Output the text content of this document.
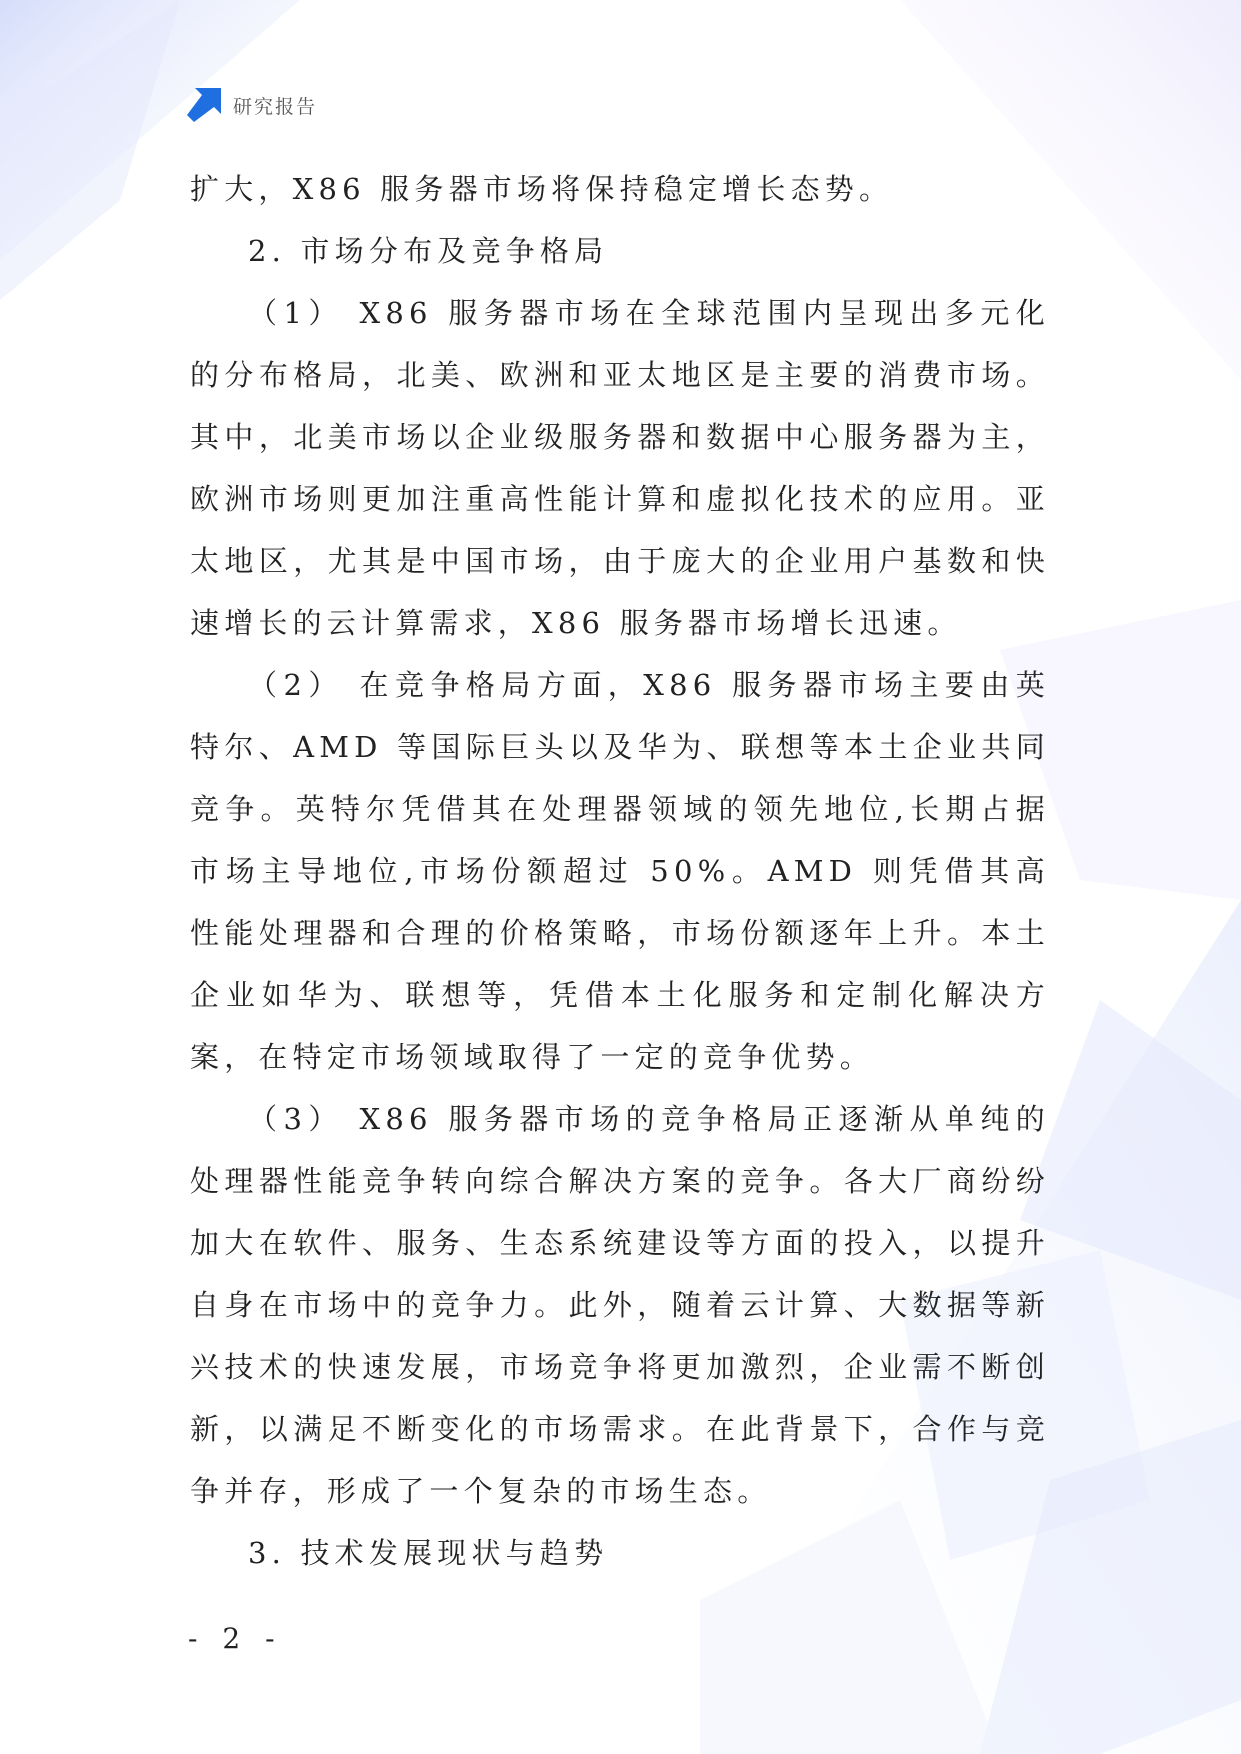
研究报告

扩大，X86 服务器市场将保持稳定增长态势。

2. 市场分布及竞争格局

（1） X86 服务器市场在全球范围内呈现出多元化的分布格局，北美、欧洲和亚太地区是主要的消费市场。其中，北美市场以企业级服务器和数据中心服务器为主，欧洲市场则更加注重高性能计算和虚拟化技术的应用。亚太地区，尤其是中国市场，由于庞大的企业用户基数和快速增长的云计算需求，X86 服务器市场增长迅速。

（2） 在竞争格局方面，X86 服务器市场主要由英特尔、AMD 等国际巨头以及华为、联想等本土企业共同竞争。英特尔凭借其在处理器领域的领先地位,长期占据市场主导地位,市场份额超过 50%。AMD 则凭借其高性能处理器和合理的价格策略，市场份额逐年上升。本土企业如华为、联想等，凭借本土化服务和定制化解决方案，在特定市场领域取得了一定的竞争优势。

（3） X86 服务器市场的竞争格局正逐渐从单纯的处理器性能竞争转向综合解决方案的竞争。各大厂商纷纷加大在软件、服务、生态系统建设等方面的投入，以提升自身在市场中的竞争力。此外，随着云计算、大数据等新兴技术的快速发展，市场竞争将更加激烈，企业需不断创新，以满足不断变化的市场需求。在此背景下，合作与竞争并存，形成了一个复杂的市场生态。

3. 技术发展现状与趋势

- 2 -
